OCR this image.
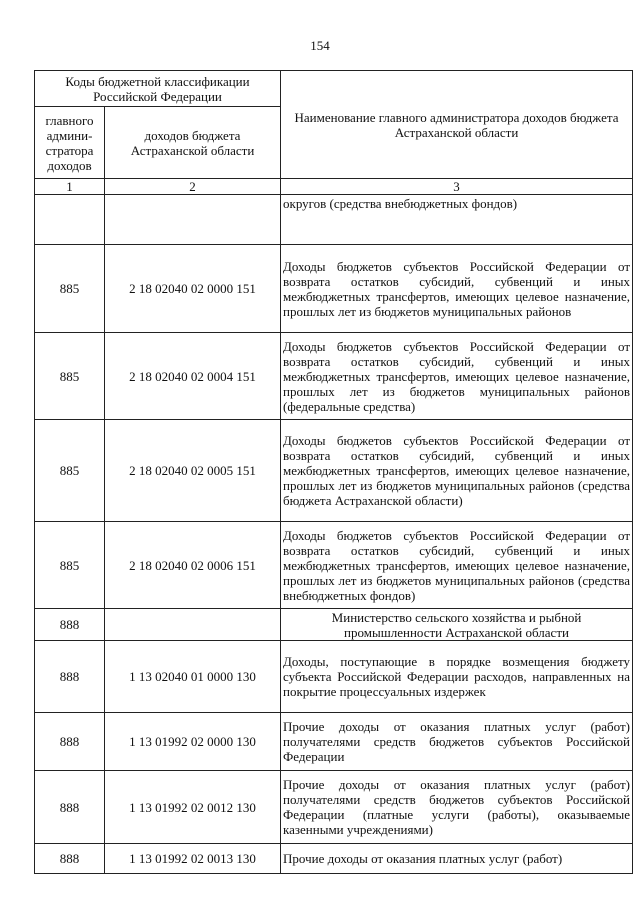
154
Коды бюджетной классификации Российской Федерации		Наименование главного администратора доходов бюджета Астраханской области
главного админи-стратора доходов	доходов бюджета Астраханской области	
1	2	3
		округов (средства внебюджетных фондов)
885	2 18 02040 02 0000 151	Доходы бюджетов субъектов Российской Федерации от возврата остатков субсидий, субвенций и иных межбюджетных трансфертов, имеющих целевое назначение, прошлых лет из бюджетов муниципальных районов
885	2 18 02040 02 0004 151	Доходы бюджетов субъектов Российской Федерации от возврата остатков субсидий, субвенций и иных межбюджетных трансфертов, имеющих целевое назначение, прошлых лет из бюджетов муниципальных районов (федеральные средства)
885	2 18 02040 02 0005 151	Доходы бюджетов субъектов Российской Федерации от возврата остатков субсидий, субвенций и иных межбюджетных трансфертов, имеющих целевое назначение, прошлых лет из бюджетов муниципальных районов (средства бюджета Астраханской области)
885	2 18 02040 02 0006 151	Доходы бюджетов субъектов Российской Федерации от возврата остатков субсидий, субвенций и иных межбюджетных трансфертов, имеющих целевое назначение, прошлых лет из бюджетов муниципальных районов (средства внебюджетных фондов)
888		Министерство сельского хозяйства и рыбной промышленности Астраханской области
888	1 13 02040 01 0000 130	Доходы, поступающие в порядке возмещения бюджету субъекта Российской Федерации расходов, направленных на покрытие процессуальных издержек
888	1 13 01992 02 0000 130	Прочие доходы от оказания платных услуг (работ) получателями средств бюджетов субъектов Российской Федерации
888	1 13 01992 02 0012 130	Прочие доходы от оказания платных услуг (работ) получателями средств бюджетов субъектов Российской Федерации (платные услуги (работы), оказываемые казенными учреждениями)
888	1 13 01992 02 0013 130	Прочие доходы от оказания платных услуг (работ)
